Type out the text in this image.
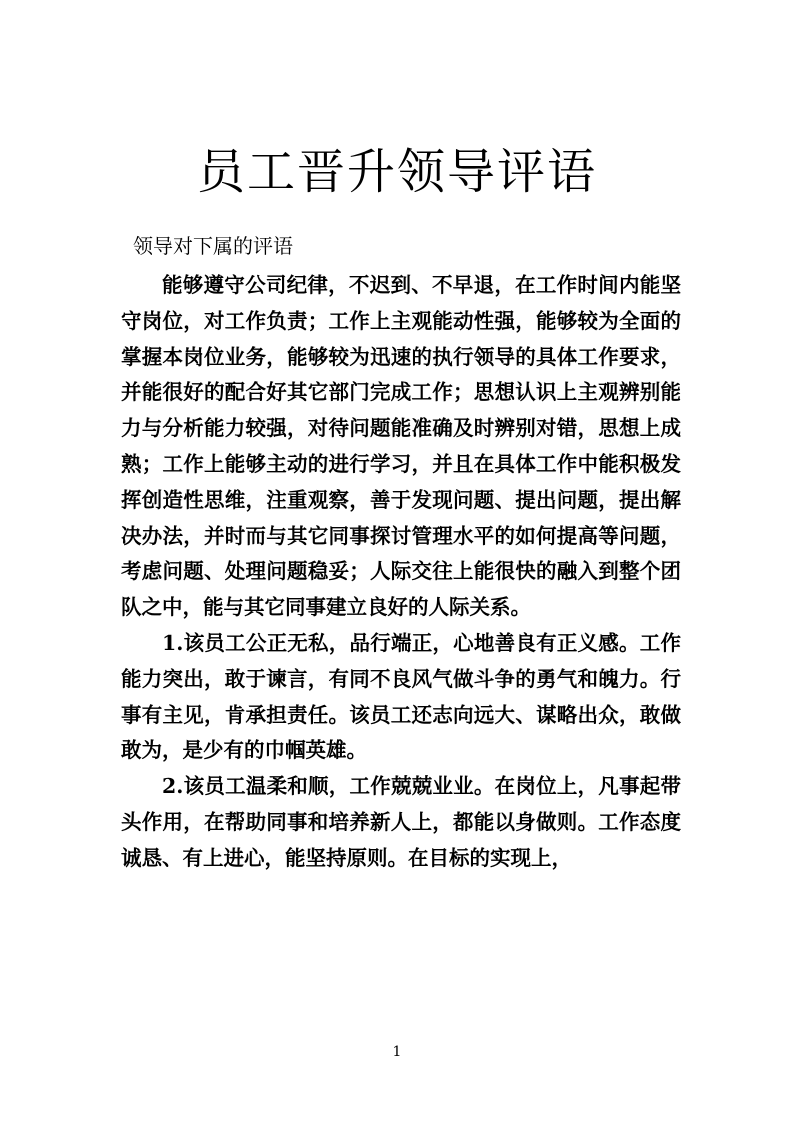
员工晋升领导评语
领导对下属的评语

能够遵守公司纪律，不迟到、不早退，在工作时间内能坚守岗位，对工作负责；工作上主观能动性强，能够较为全面的掌握本岗位业务，能够较为迅速的执行领导的具体工作要求，并能很好的配合好其它部门完成工作；思想认识上主观辨别能力与分析能力较强，对待问题能准确及时辨别对错，思想上成熟；工作上能够主动的进行学习，并且在具体工作中能积极发挥创造性思维，注重观察，善于发现问题、提出问题，提出解决办法，并时而与其它同事探讨管理水平的如何提高等问题，考虑问题、处理问题稳妥；人际交往上能很快的融入到整个团队之中，能与其它同事建立良好的人际关系。

1.该员工公正无私，品行端正，心地善良有正义感。工作能力突出，敢于谏言，有同不良风气做斗争的勇气和魄力。行事有主见，肯承担责任。该员工还志向远大、谋略出众，敢做敢为，是少有的巾帼英雄。

2.该员工温柔和顺，工作兢兢业业。在岗位上，凡事起带头作用，在帮助同事和培养新人上，都能以身做则。工作态度诚恳、有上进心，能坚持原则。在目标的实现上，

1
